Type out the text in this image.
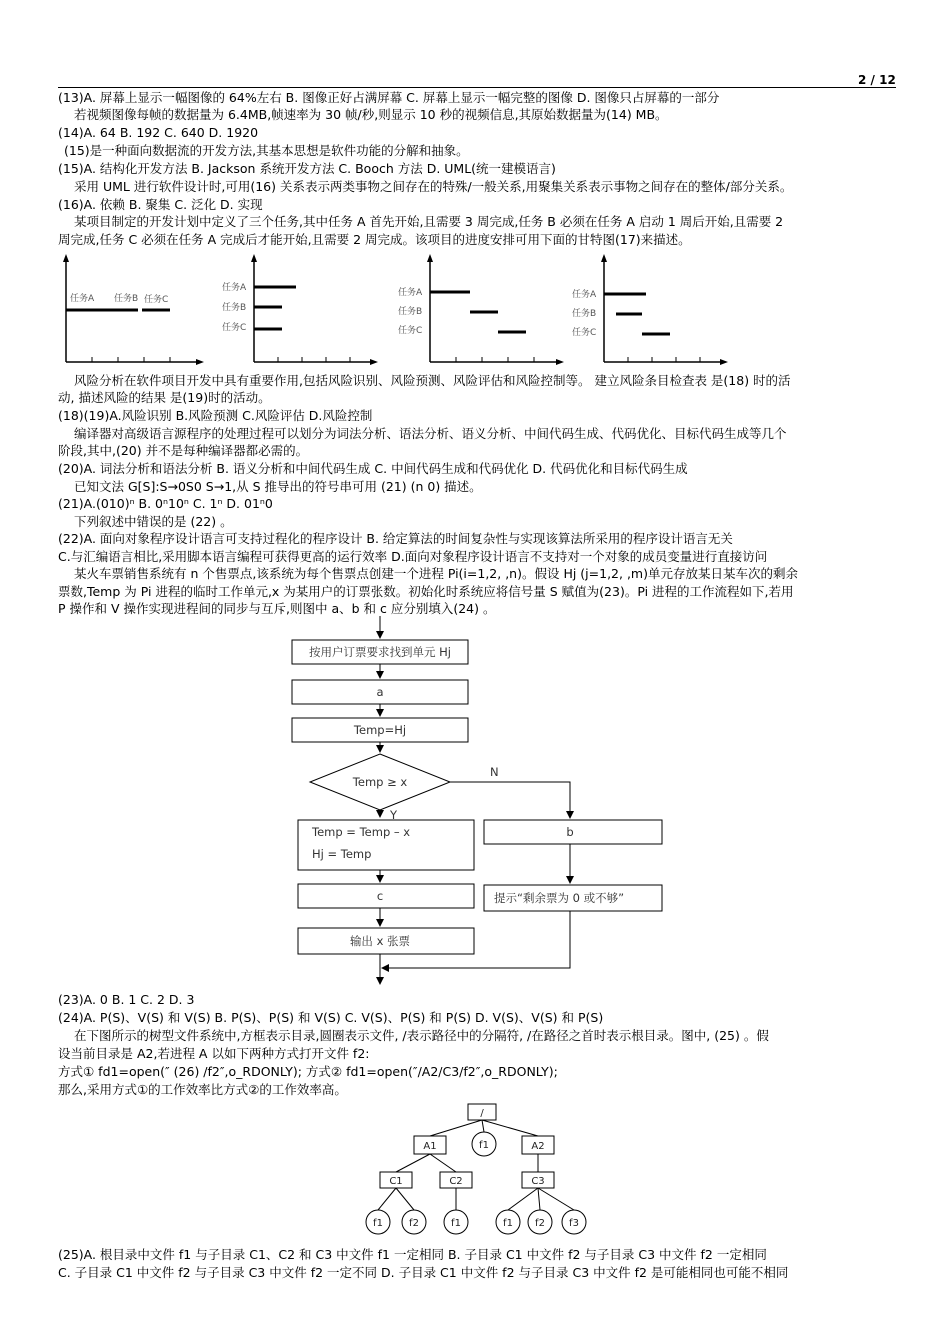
2 / 12
(13)A. 屏幕上显示一幅图像的 64%左右 B. 图像正好占满屏幕 C. 屏幕上显示一幅完整的图像 D. 图像只占屏幕的一部分
若视频图像每帧的数据量为 6.4MB,帧速率为 30 帧/秒,则显示 10 秒的视频信息,其原始数据量为(14) MB。
(14)A. 64 B. 192 C. 640 D. 1920
(15)是一种面向数据流的开发方法,其基本思想是软件功能的分解和抽象。
(15)A. 结构化开发方法 B. Jackson 系统开发方法 C. Booch 方法 D. UML(统一建模语言)
采用 UML 进行软件设计时,可用(16) 关系表示两类事物之间存在的特殊/一般关系,用聚集关系表示事物之间存在的整体/部分关系。
(16)A. 依赖 B. 聚集 C. 泛化 D. 实现
某项目制定的开发计划中定义了三个任务,其中任务 A 首先开始,且需要 3 周完成,任务 B 必须在任务 A 启动 1 周后开始,且需要 2
周完成,任务 C 必须在任务 A 完成后才能开始,且需要 2 周完成。该项目的进度安排可用下面的甘特图(17)来描述。
任务A 任务B 任务C
任务A
任务B
任务C
任务A
任务B
任务C
任务A
任务B
任务C
风险分析在软件项目开发中具有重要作用,包括风险识别、风险预测、风险评估和风险控制等。 建立风险条目检查表 是(18) 时的活
动, 描述风险的结果 是(19)时的活动。
(18)(19)A.风险识别 B.风险预测 C.风险评估 D.风险控制
编译器对高级语言源程序的处理过程可以划分为词法分析、语法分析、语义分析、中间代码生成、代码优化、目标代码生成等几个
阶段,其中,(20) 并不是每种编译器都必需的。
(20)A. 词法分析和语法分析 B. 语义分析和中间代码生成 C. 中间代码生成和代码优化 D. 代码优化和目标代码生成
已知文法 G[S]:S→0S0 S→1,从 S 推导出的符号串可用 (21) (n 0) 描述。
(21)A.(010)ⁿ B. 0ⁿ10ⁿ C. 1ⁿ D. 01ⁿ0
下列叙述中错误的是 (22) 。
(22)A. 面向对象程序设计语言可支持过程化的程序设计 B. 给定算法的时间复杂性与实现该算法所采用的程序设计语言无关
C.与汇编语言相比,采用脚本语言编程可获得更高的运行效率 D.面向对象程序设计语言不支持对一个对象的成员变量进行直接访问
某火车票销售系统有 n 个售票点,该系统为每个售票点创建一个进程 Pi(i=1,2, ,n)。假设 Hj (j=1,2, ,m)单元存放某日某车次的剩余
票数,Temp 为 Pi 进程的临时工作单元,x 为某用户的订票张数。初始化时系统应将信号量 S 赋值为(23)。Pi 进程的工作流程如下,若用
P 操作和 V 操作实现进程间的同步与互斥,则图中 a、b 和 c 应分别填入(24) 。
按用户订票要求找到单元 Hj
a
Temp=Hj
Temp ≥ x
N
Y
Temp = Temp – x
Hj = Temp
b
提示“剩余票为 0 或不够”
c
输出 x 张票
(23)A. 0 B. 1 C. 2 D. 3
(24)A. P(S)、V(S) 和 V(S) B. P(S)、P(S) 和 V(S) C. V(S)、P(S) 和 P(S) D. V(S)、V(S) 和 P(S)
在下图所示的树型文件系统中,方框表示目录,圆圈表示文件, /表示路径中的分隔符, /在路径之首时表示根目录。图中, (25) 。假
设当前目录是 A2,若进程 A 以如下两种方式打开文件 f2:
方式① fd1=open(″ (26) /f2″,o_RDONLY); 方式② fd1=open(″/A2/C3/f2″,o_RDONLY);
那么,采用方式①的工作效率比方式②的工作效率高。
/
A1	f1	A2
C1	C2	C3
f1	f2	f1	f1 f2 f3
(25)A. 根目录中文件 f1 与子目录 C1、C2 和 C3 中文件 f1 一定相同 B. 子目录 C1 中文件 f2 与子目录 C3 中文件 f2 一定相同
C. 子目录 C1 中文件 f2 与子目录 C3 中文件 f2 一定不同 D. 子目录 C1 中文件 f2 与子目录 C3 中文件 f2 是可能相同也可能不相同
